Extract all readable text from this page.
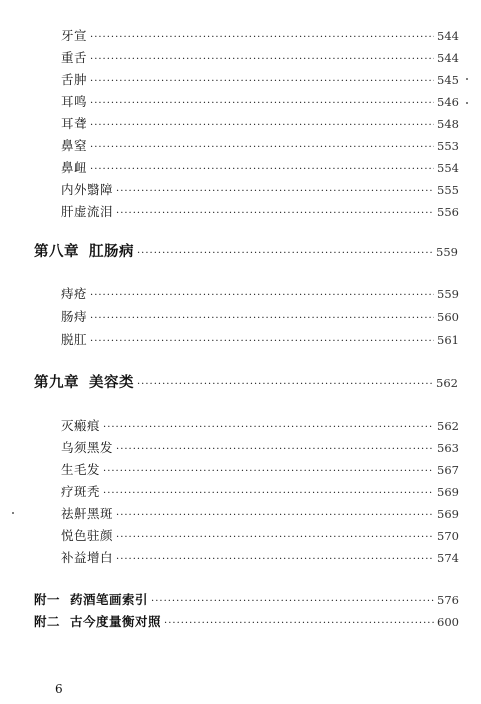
牙宣 ·····	544
重舌 ·····	544
舌肿 ·····	545
耳鸣 ·····	546
耳聋 ·····	548
鼻窒 ·····	553
鼻衄 ·····	554
内外翳障 ·····	555
肝虚流泪 ·····	556
第八章 肛肠病 ·····	559
痔疮 ·····	559
肠痔 ·····	560
脱肛 ·····	561
第九章 美容类 ·····	562
灭瘢痕 ·····	562
乌须黑发 ·····	563
生毛发 ·····	567
疗斑秃 ·····	569
祛鼾黑斑 ·····	569
悦色驻颜 ·····	570
补益增白 ·····	574
附一 药酒笔画索引 ·····	576
附二 古今度量衡对照 ·····	600
6
